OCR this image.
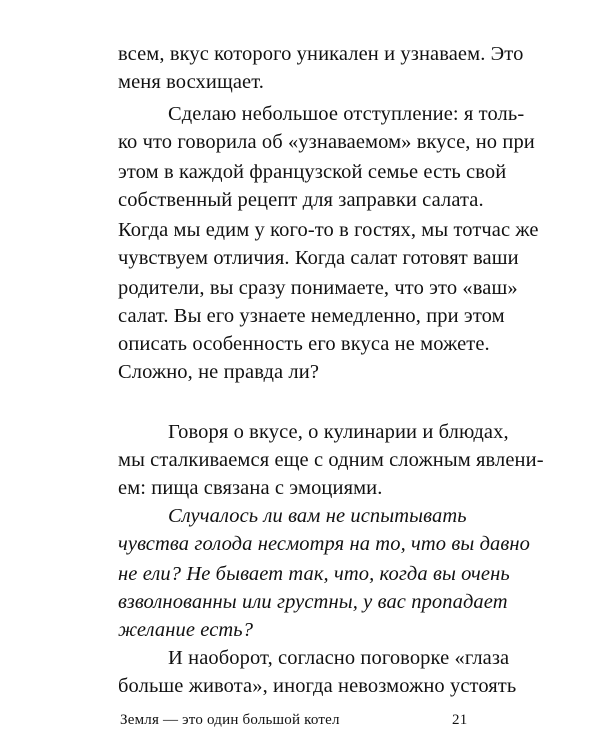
всем, вкус которого уникален и узнаваем. Это
меня восхищает.
Сделаю небольшое отступление: я толь-
ко что говорила об «узнаваемом» вкусе, но при
этом в каждой французской семье есть свой
собственный рецепт для заправки салата.
Когда мы едим у кого-то в гостях, мы тотчас же
чувствуем отличия. Когда салат готовят ваши
родители, вы сразу понимаете, что это «ваш»
салат. Вы его узнаете немедленно, при этом
описать особенность его вкуса не можете.
Сложно, не правда ли?
Говоря о вкусе, о кулинарии и блюдах,
мы сталкиваемся еще с одним сложным явлени-
ем: пища связана с эмоциями.
Случалось ли вам не испытывать
чувства голода несмотря на то, что вы давно
не ели? Не бывает так, что, когда вы очень
взволнованны или грустны, у вас пропадает
желание есть?
И наоборот, согласно поговорке «глаза
больше живота», иногда невозможно устоять
Земля — это один большой котел	21
